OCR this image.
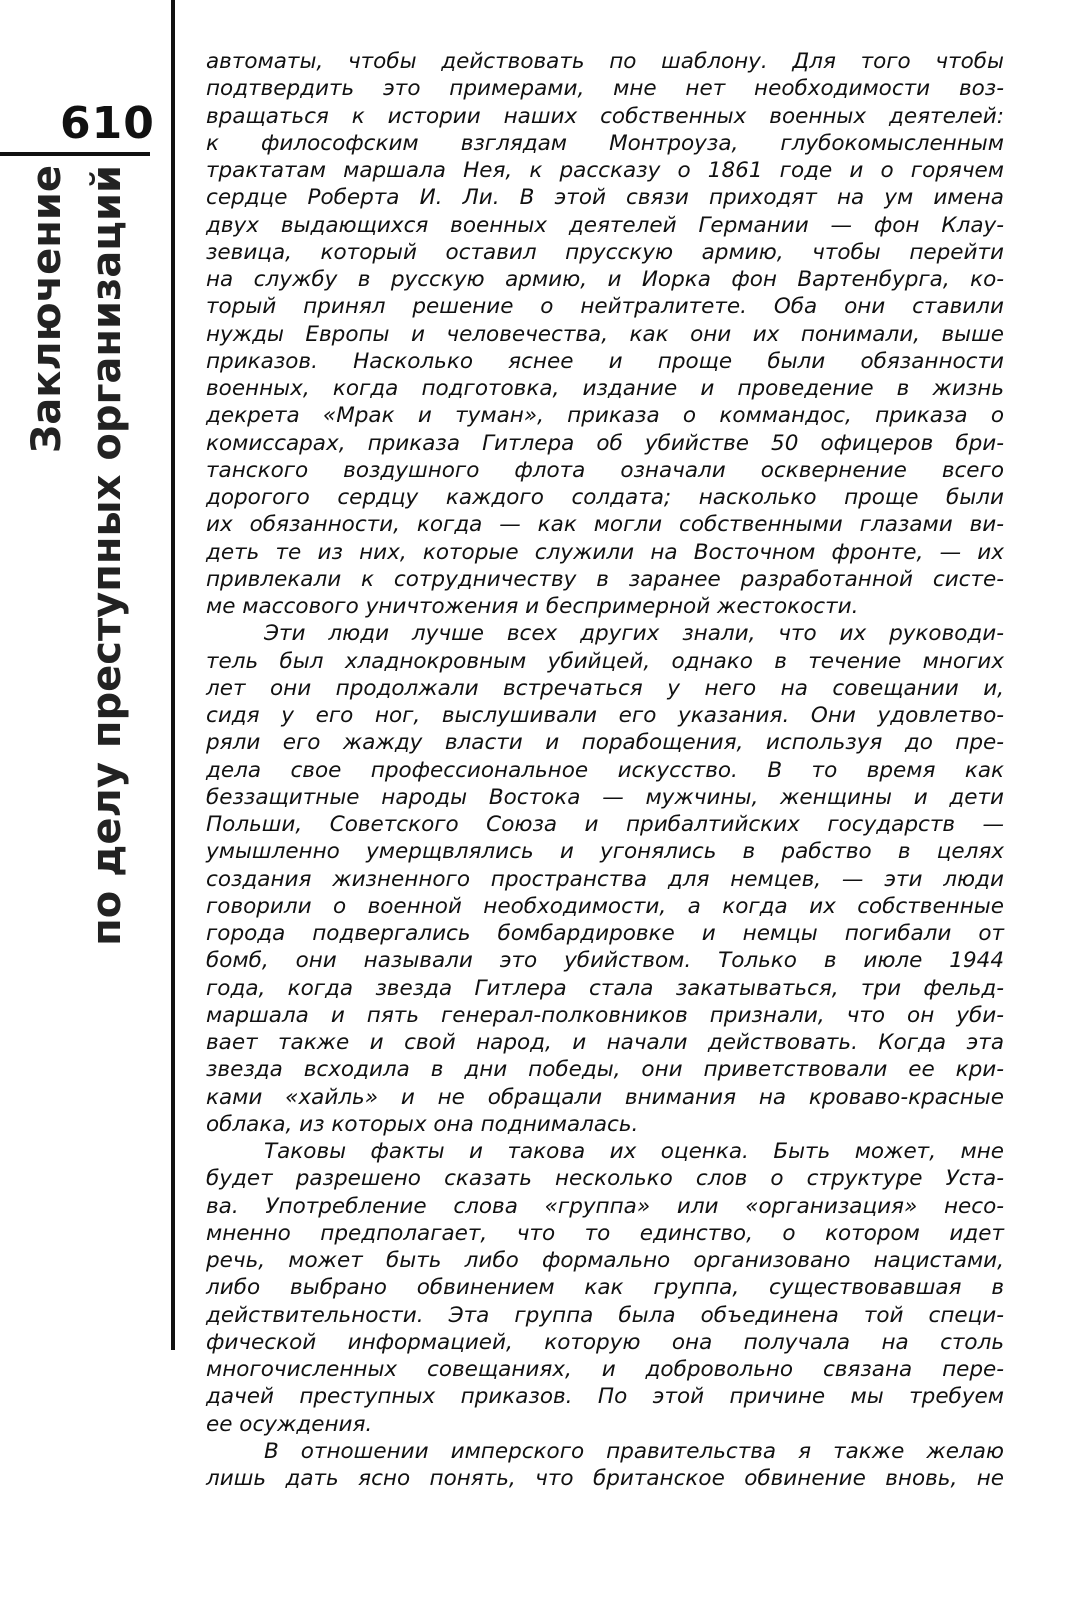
610
Заключение по делу преступных организаций
автоматы, чтобы действовать по шаблону. Для того чтобы
подтвердить это примерами, мне нет необходимости воз-
вращаться к истории наших собственных военных деятелей:
к философским взглядам Монтроуза, глубокомысленным
трактатам маршала Нея, к рассказу о 1861 годе и о горячем
сердце Роберта И. Ли. В этой связи приходят на ум имена
двух выдающихся военных деятелей Германии — фон Клау-
зевица, который оставил прусскую армию, чтобы перейти
на службу в русскую армию, и Иорка фон Вартенбурга, ко-
торый принял решение о нейтралитете. Оба они ставили
нужды Европы и человечества, как они их понимали, выше
приказов. Насколько яснее и проще были обязанности
военных, когда подготовка, издание и проведение в жизнь
декрета «Мрак и туман», приказа о коммандос, приказа о
комиссарах, приказа Гитлера об убийстве 50 офицеров бри-
танского воздушного флота означали осквернение всего
дорогого сердцу каждого солдата; насколько проще были
их обязанности, когда — как могли собственными глазами ви-
деть те из них, которые служили на Восточном фронте, — их
привлекали к сотрудничеству в заранее разработанной систе-
ме массового уничтожения и беспримерной жестокости.
Эти люди лучше всех других знали, что их руководи-
тель был хладнокровным убийцей, однако в течение многих
лет они продолжали встречаться у него на совещании и,
сидя у его ног, выслушивали его указания. Они удовлетво-
ряли его жажду власти и порабощения, используя до пре-
дела свое профессиональное искусство. В то время как
беззащитные народы Востока — мужчины, женщины и дети
Польши, Советского Союза и прибалтийских государств —
умышленно умерщвлялись и угонялись в рабство в целях
создания жизненного пространства для немцев, — эти люди
говорили о военной необходимости, а когда их собственные
города подвергались бомбардировке и немцы погибали от
бомб, они называли это убийством. Только в июле 1944
года, когда звезда Гитлера стала закатываться, три фельд-
маршала и пять генерал-полковников признали, что он уби-
вает также и свой народ, и начали действовать. Когда эта
звезда всходила в дни победы, они приветствовали ее кри-
ками «хайль» и не обращали внимания на кроваво-красные
облака, из которых она поднималась.
Таковы факты и такова их оценка. Быть может, мне
будет разрешено сказать несколько слов о структуре Уста-
ва. Употребление слова «группа» или «организация» несо-
мненно предполагает, что то единство, о котором идет
речь, может быть либо формально организовано нацистами,
либо выбрано обвинением как группа, существовавшая в
действительности. Эта группа была объединена той специ-
фической информацией, которую она получала на столь
многочисленных совещаниях, и добровольно связана пере-
дачей преступных приказов. По этой причине мы требуем
ее осуждения.
В отношении имперского правительства я также желаю
лишь дать ясно понять, что британское обвинение вновь, не
